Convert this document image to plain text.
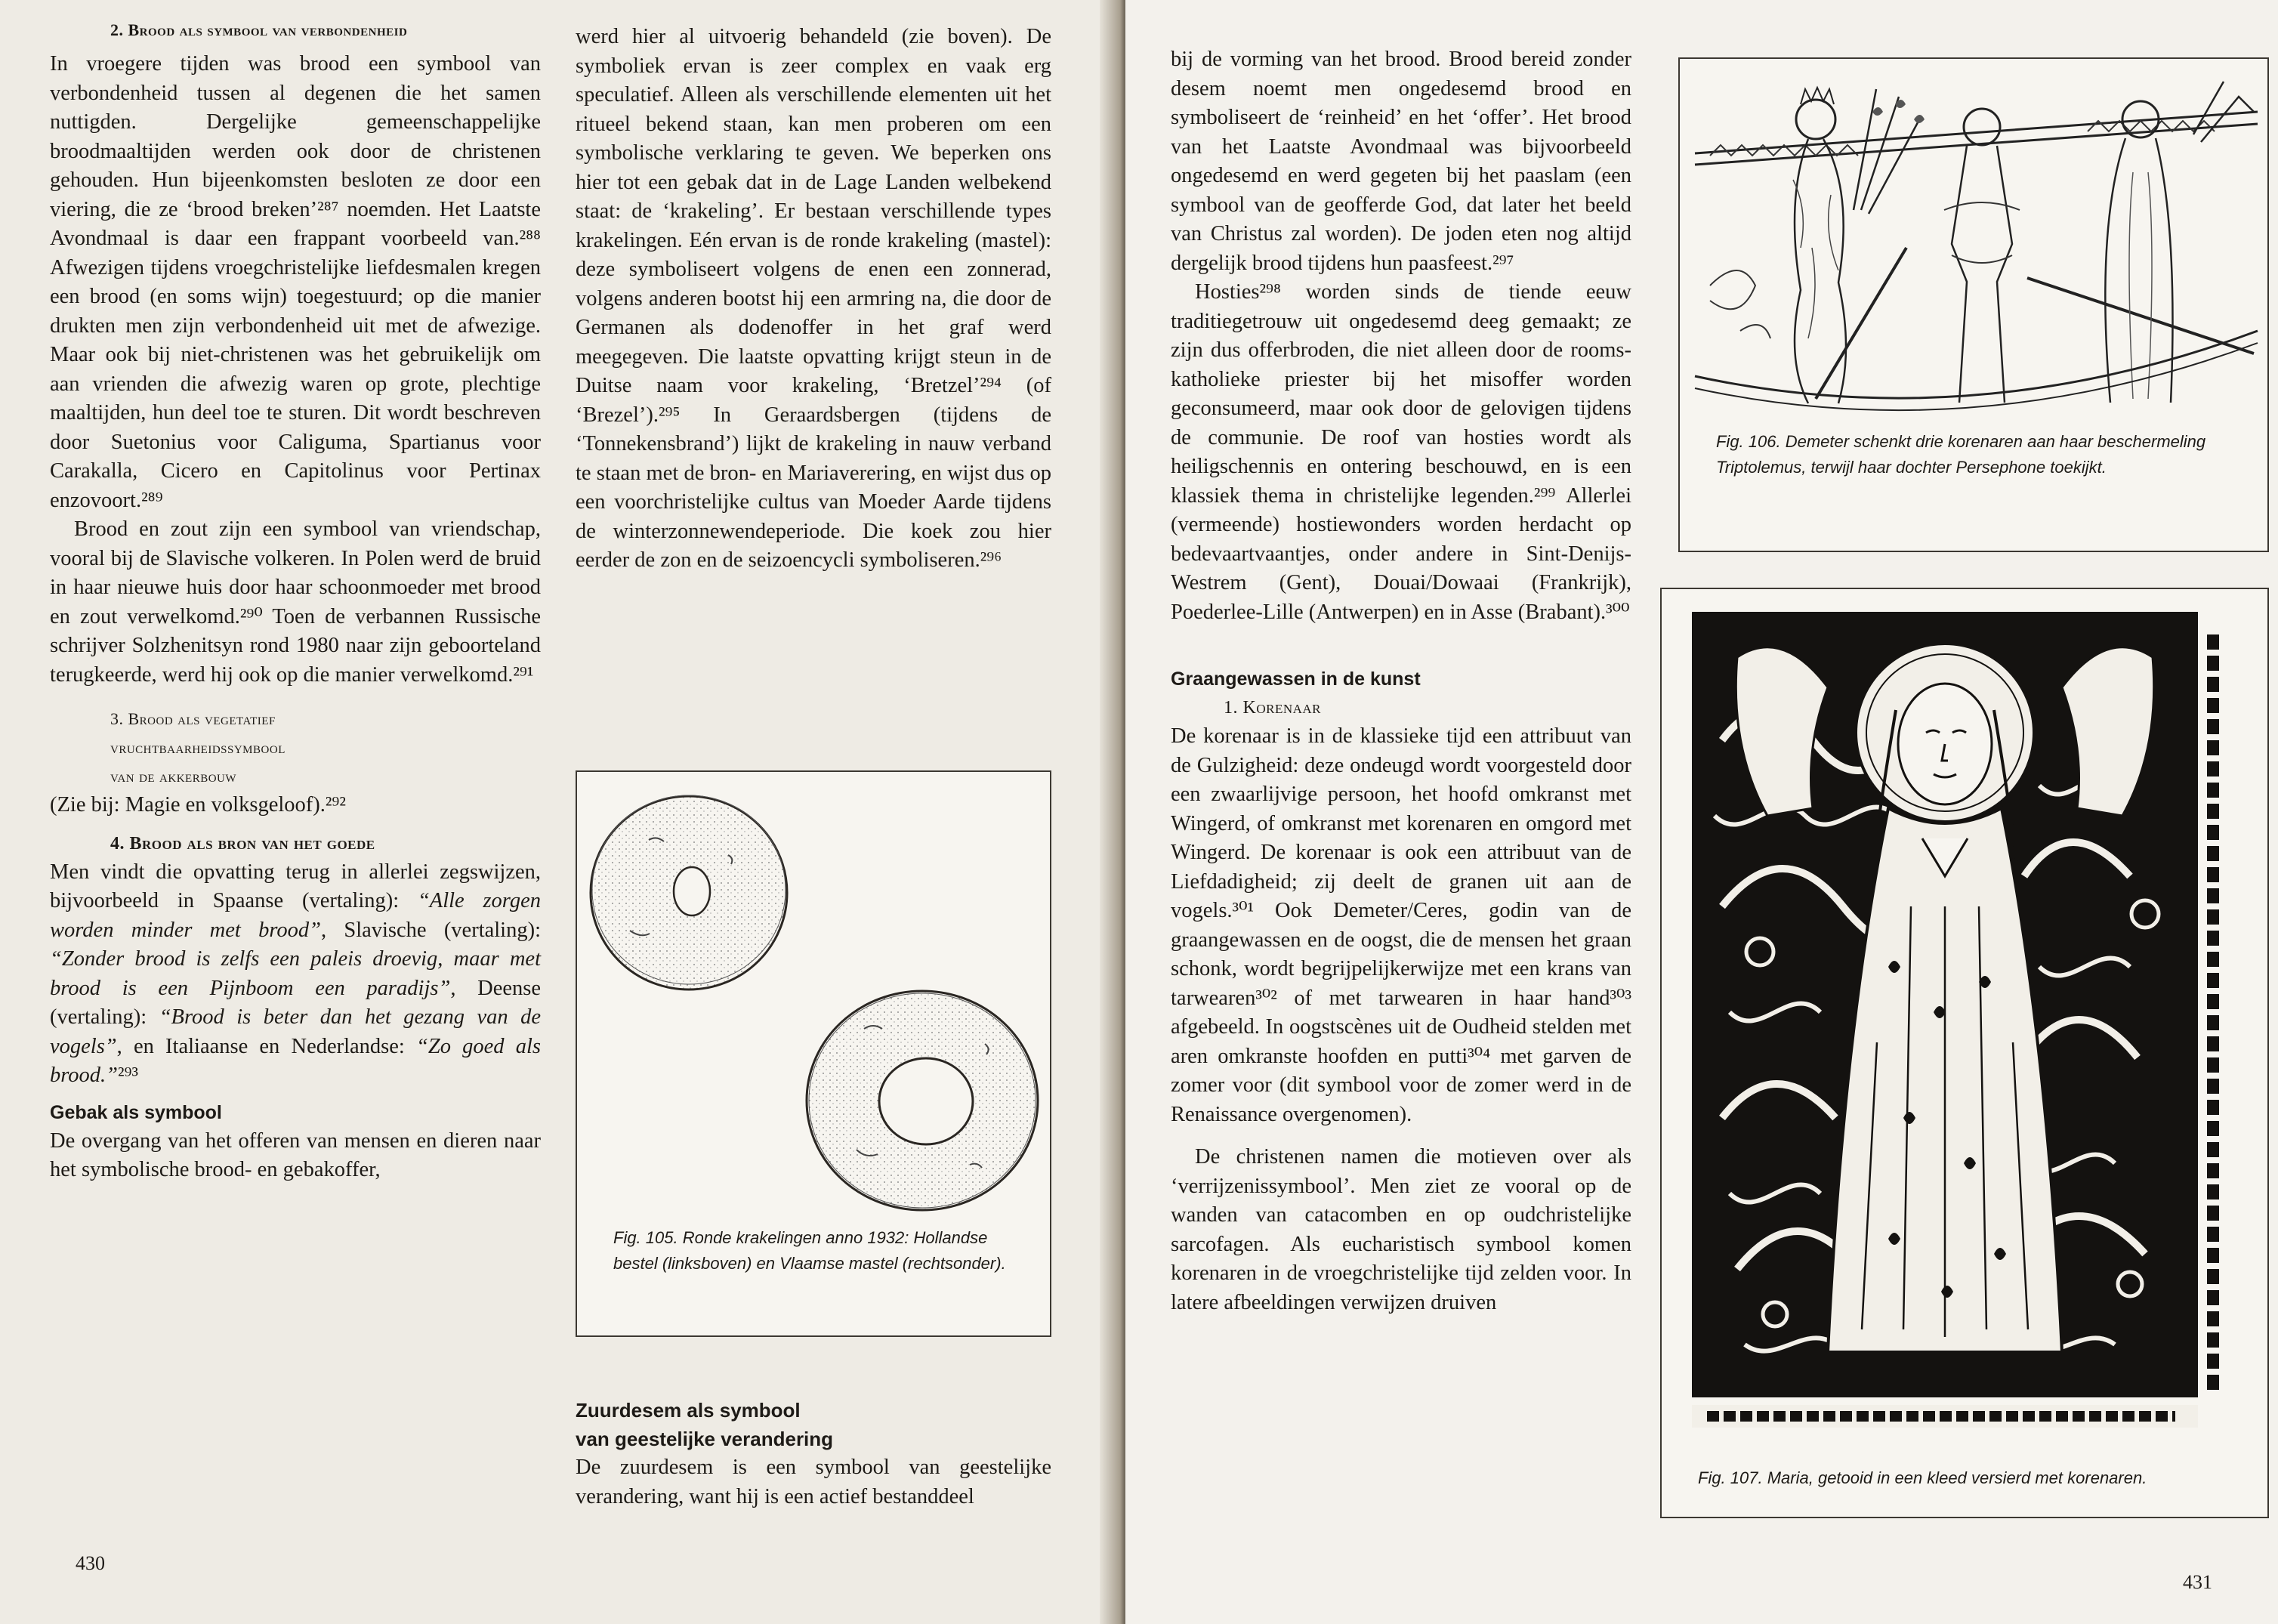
2. Brood als symbool van verbondenheid

In vroegere tijden was brood een symbool van verbondenheid tussen al degenen die het samen nuttigden. Dergelijke gemeenschappelijke broodmaaltijden werden ook door de christenen gehouden. Hun bijeenkomsten besloten ze door een viering, die ze ‘brood breken’²⁸⁷ noemden. Het Laatste Avondmaal is daar een frappant voorbeeld van.²⁸⁸ Afwezigen tijdens vroegchristelijke liefdesmalen kregen een brood (en soms wijn) toegestuurd; op die manier drukten men zijn verbondenheid uit met de afwezige. Maar ook bij niet-christenen was het gebruikelijk om aan vrienden die afwezig waren op grote, plechtige maaltijden, hun deel toe te sturen. Dit wordt beschreven door Suetonius voor Caliguma, Spartianus voor Carakalla, Cicero en Capitolinus voor Pertinax enzovoort.²⁸⁹

Brood en zout zijn een symbool van vriendschap, vooral bij de Slavische volkeren. In Polen werd de bruid in haar nieuwe huis door haar schoonmoeder met brood en zout verwelkomd.²⁹⁰ Toen de verbannen Russische schrijver Solzhenitsyn rond 1980 naar zijn geboorteland terugkeerde, werd hij ook op die manier verwelkomd.²⁹¹

3. Brood als vegetatief
vruchtbaarheidssymbool
van de akkerbouw

(Zie bij: Magie en volksgeloof).²⁹²

4. Brood als bron van het goede

Men vindt die opvatting terug in allerlei zegswijzen, bijvoorbeeld in Spaanse (vertaling): “Alle zorgen worden minder met brood”, Slavische (vertaling): “Zonder brood is zelfs een paleis droevig, maar met brood is een Pijnboom een paradijs”, Deense (vertaling): “Brood is beter dan het gezang van de vogels”, en Italiaanse en Nederlandse: “Zo goed als brood.”²⁹³

Gebak als symbool

De overgang van het offeren van mensen en dieren naar het symbolische brood- en gebakoffer,

werd hier al uitvoerig behandeld (zie boven). De symboliek ervan is zeer complex en vaak erg speculatief. Alleen als verschillende elementen uit het ritueel bekend staan, kan men proberen om een symbolische verklaring te geven. We beperken ons hier tot een gebak dat in de Lage Landen welbekend staat: de ‘krakeling’. Er bestaan verschillende types krakelingen. Eén ervan is de ronde krakeling (mastel): deze symboliseert volgens de enen een zonnerad, volgens anderen bootst hij een armring na, die door de Germanen als dodenoffer in het graf werd meegegeven. Die laatste opvatting krijgt steun in de Duitse naam voor krakeling, ‘Bretzel’²⁹⁴ (of ‘Brezel’).²⁹⁵ In Geraardsbergen (tijdens de ‘Tonnekensbrand’) lijkt de krakeling in nauw verband te staan met de bron- en Mariaverering, en wijst dus op een voorchristelijke cultus van Moeder Aarde tijdens de winterzonnewendeperiode. Die koek zou hier eerder de zon en de seizoencycli symboliseren.²⁹⁶

Fig. 105. Ronde krakelingen anno 1932: Hollandse bestel (linksboven) en Vlaamse mastel (rechtsonder).
Zuurdesem als symbool
van geestelijke verandering

De zuurdesem is een symbool van geestelijke verandering, want hij is een actief bestanddeel

430

bij de vorming van het brood. Brood bereid zonder desem noemt men ongedesemd brood en symboliseert de ‘reinheid’ en het ‘offer’. Het brood van het Laatste Avondmaal was bijvoorbeeld ongedesemd en werd gegeten bij het paaslam (een symbool van de geofferde God, dat later het beeld van Christus zal worden). De joden eten nog altijd dergelijk brood tijdens hun paasfeest.²⁹⁷

Hosties²⁹⁸ worden sinds de tiende eeuw traditiegetrouw uit ongedesemd deeg gemaakt; ze zijn dus offerbroden, die niet alleen door de rooms-katholieke priester bij het misoffer worden geconsumeerd, maar ook door de gelovigen tijdens de communie. De roof van hosties wordt als heiligschennis en ontering beschouwd, en is een klassiek thema in christelijke legenden.²⁹⁹ Allerlei (vermeende) hostiewonders worden herdacht op bedevaartvaantjes, onder andere in Sint-Denijs-Westrem (Gent), Douai/Dowaai (Frankrijk), Poederlee-Lille (Antwerpen) en in Asse (Brabant).³⁰⁰

Graangewassen in de kunst
1. Korenaar

De korenaar is in de klassieke tijd een attribuut van de Gulzigheid: deze ondeugd wordt voorgesteld door een zwaarlijvige persoon, het hoofd omkranst met Wingerd, of omkranst met korenaren en omgord met Wingerd. De korenaar is ook een attribuut van de Liefdadigheid; zij deelt de granen uit aan de vogels.³⁰¹ Ook Demeter/Ceres, godin van de graangewassen en de oogst, die de mensen het graan schonk, wordt begrijpelijkerwijze met een krans van tarwearen³⁰² of met tarwearen in haar hand³⁰³ afgebeeld. In oogstscènes uit de Oudheid stelden met aren omkranste hoofden en putti³⁰⁴ met garven de zomer voor (dit symbool voor de zomer werd in de Renaissance overgenomen).

De christenen namen die motieven over als ‘verrijzenissymbool’. Men ziet ze vooral op de wanden van catacomben en op oudchristelijke sarcofagen. Als eucharistisch symbool komen korenaren in de vroegchristelijke tijd zelden voor. In latere afbeeldingen verwijzen druiven

Fig. 106. Demeter schenkt drie korenaren aan haar beschermeling Triptolemus, terwijl haar dochter Persephone toekijkt.
Fig. 107. Maria, getooid in een kleed versierd met korenaren.
431
